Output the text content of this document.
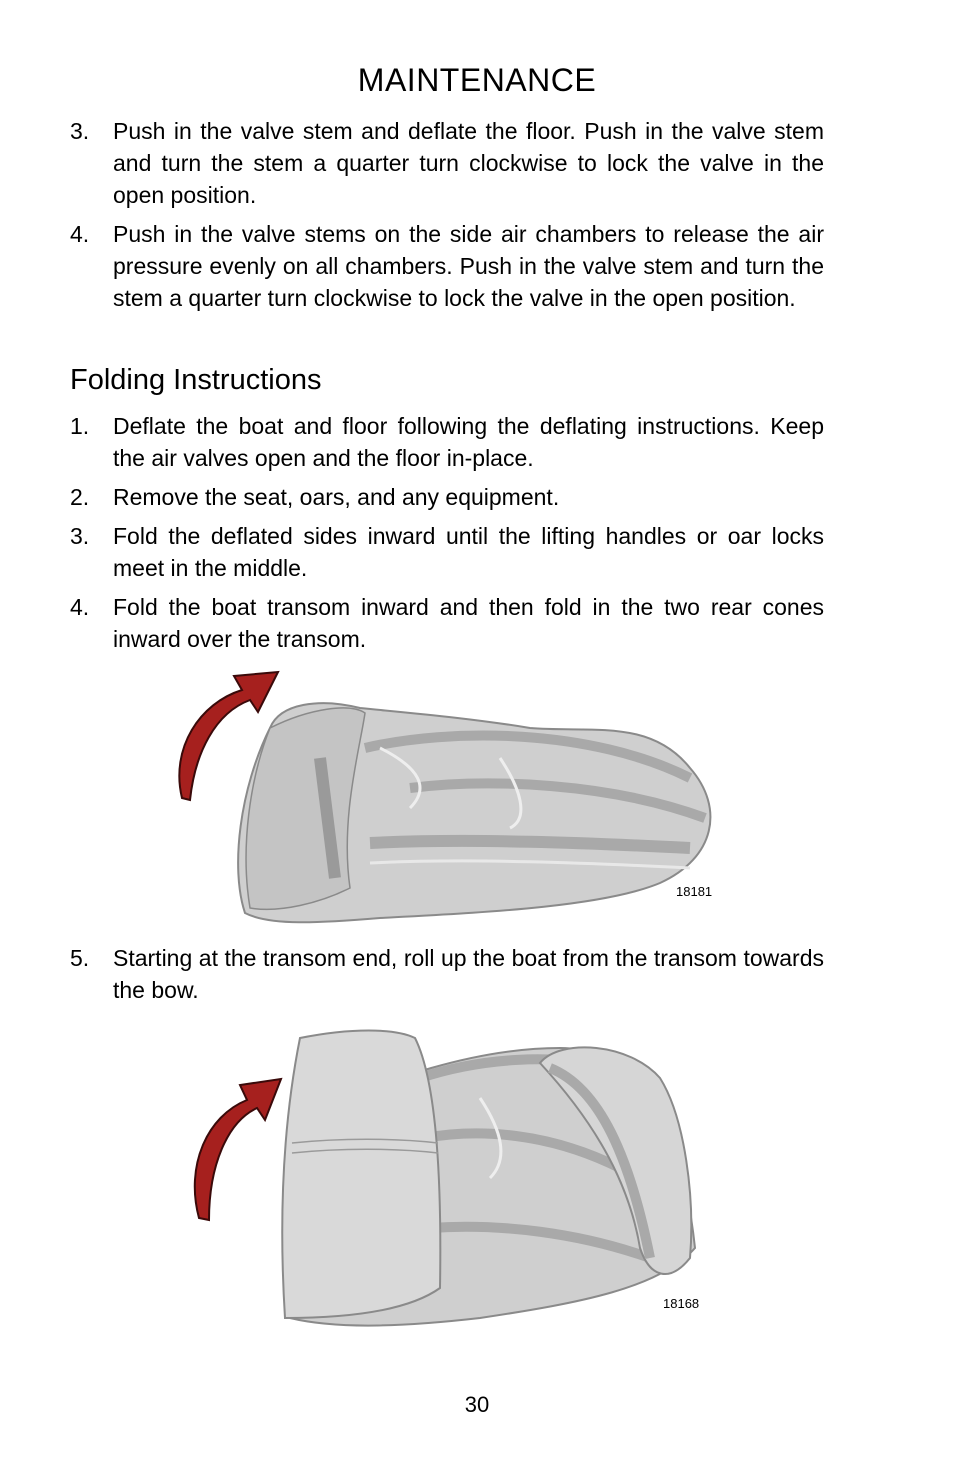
MAINTENANCE
3.	Push in the valve stem and deflate the floor. Push in the valve stem and turn the stem a quarter turn clockwise to lock the valve in the open position.
4.	Push in the valve stems on the side air chambers to release the air pressure evenly on all chambers. Push in the valve stem and turn the stem a quarter turn clockwise to lock the valve in the open position.
Folding Instructions
1.	Deflate the boat and floor following the deflating instructions. Keep the air valves open and the floor in-place.
2.	Remove the seat, oars, and any equipment.
3.	Fold the deflated sides inward until the lifting handles or oar locks meet in the middle.
4.	Fold the boat transom inward and then fold in the two rear cones inward over the transom.
18181
5.	Starting at the transom end, roll up the boat from the transom towards the bow.
18168
30
